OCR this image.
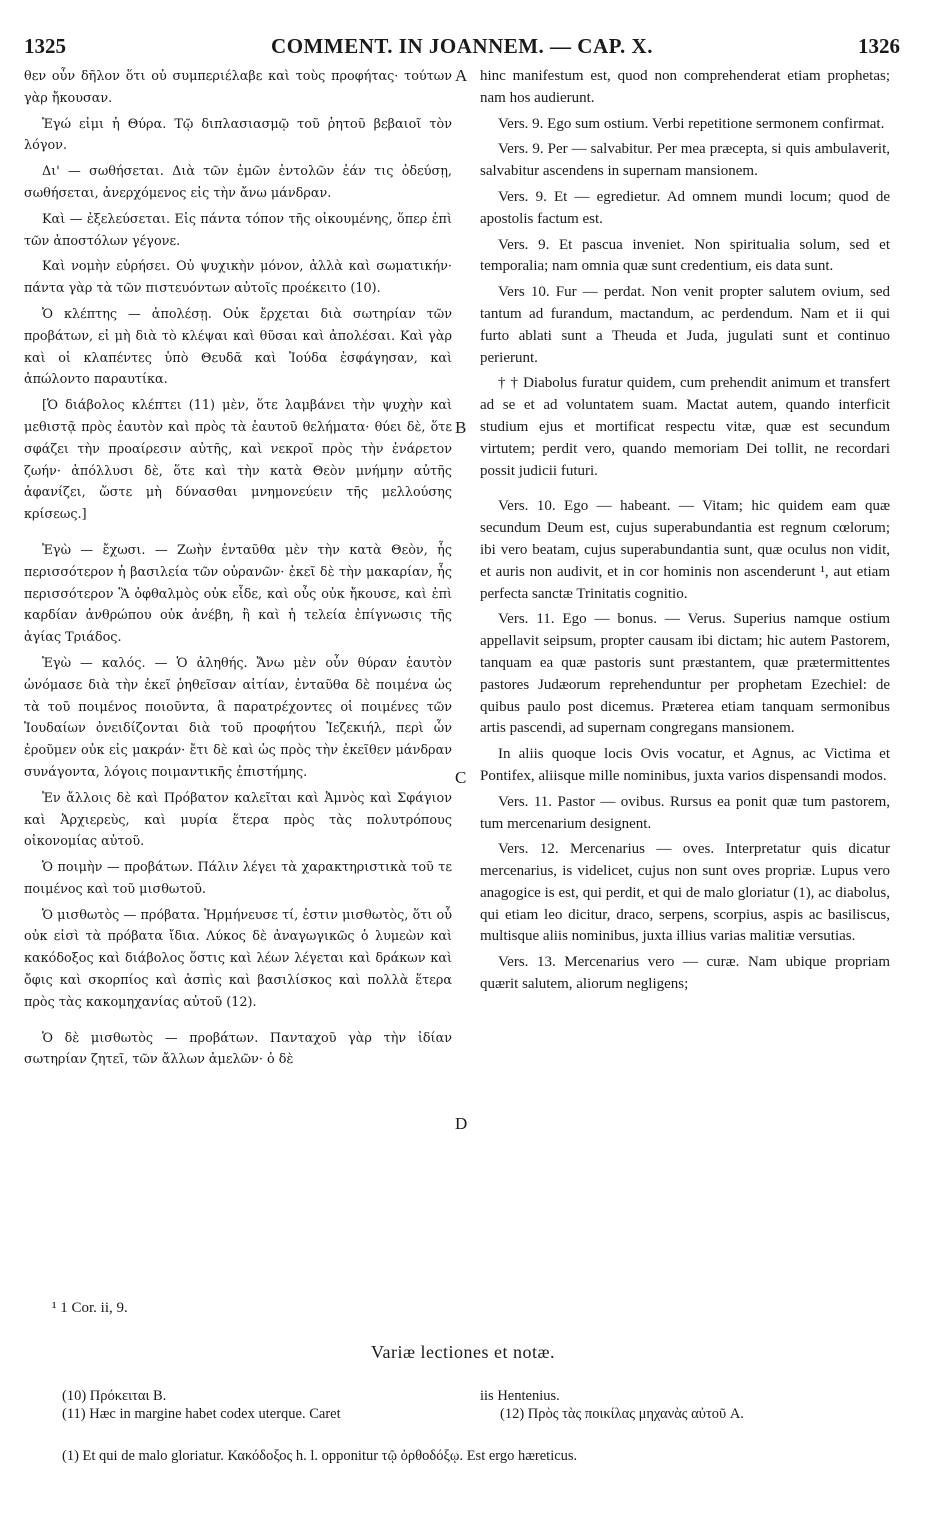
1325	COMMENT. IN JOANNEM. — CAP. X.	1326

θεν οὖν δῆλον ὅτι οὐ συμπεριέλαβε καὶ τοὺς προφήτας· τούτων γὰρ ἤκουσαν.

Ἐγώ εἰμι ἡ Θύρα. Τῷ διπλασιασμῷ τοῦ ῥητοῦ βεβαιοῖ τὸν λόγον.

Δι' — σωθήσεται. Διὰ τῶν ἐμῶν ἐντολῶν ἐάν τις ὁδεύσῃ, σωθήσεται, ἀνερχόμενος εἰς τὴν ἄνω μάνδραν.

Καὶ — ἐξελεύσεται. Εἰς πάντα τόπον τῆς οἰκουμένης, ὅπερ ἐπὶ τῶν ἀποστόλων γέγονε.

Καὶ νομὴν εὑρήσει. Οὐ ψυχικὴν μόνον, ἀλλὰ καὶ σωματικήν· πάντα γὰρ τὰ τῶν πιστευόντων αὐτοῖς προέκειτο (10).

Ὁ κλέπτης — ἀπολέσῃ. Οὐκ ἔρχεται διὰ σωτηρίαν τῶν προβάτων, εἰ μὴ διὰ τὸ κλέψαι καὶ θῦσαι καὶ ἀπολέσαι. Καὶ γὰρ καὶ οἱ κλαπέντες ὑπὸ Θευδᾶ καὶ Ἰούδα ἐσφάγησαν, καὶ ἀπώλοντο παραυτίκα.

[Ὁ διάβολος κλέπτει (11) μὲν, ὅτε λαμβάνει τὴν ψυχὴν καὶ μεθιστᾷ πρὸς ἑαυτὸν καὶ πρὸς τὰ ἑαυτοῦ θελήματα· θύει δὲ, ὅτε σφάζει τὴν προαίρεσιν αὐτῆς, καὶ νεκροῖ πρὸς τὴν ἐνάρετον ζωήν· ἀπόλλυσι δὲ, ὅτε καὶ τὴν κατὰ Θεὸν μνήμην αὐτῆς ἀφανίζει, ὥστε μὴ δύνασθαι μνημονεύειν τῆς μελλούσης κρίσεως.]

Ἐγὼ — ἔχωσι. — Ζωὴν ἐνταῦθα μὲν τὴν κατὰ Θεὸν, ἧς περισσότερον ἡ βασιλεία τῶν οὐρανῶν· ἐκεῖ δὲ τὴν μακαρίαν, ἧς περισσότερον Ἃ ὀφθαλμὸς οὐκ εἶδε, καὶ οὖς οὐκ ἤκουσε, καὶ ἐπὶ καρδίαν ἀνθρώπου οὐκ ἀνέβη, ἢ καὶ ἡ τελεία ἐπίγνωσις τῆς ἁγίας Τριάδος.

Ἐγὼ — καλός. — Ὁ ἀληθής. Ἄνω μὲν οὖν θύραν ἑαυτὸν ὠνόμασε διὰ τὴν ἐκεῖ ῥηθεῖσαν αἰτίαν, ἐνταῦθα δὲ ποιμένα ὡς τὰ τοῦ ποιμένος ποιοῦντα, ἃ παρατρέχοντες οἱ ποιμένες τῶν Ἰουδαίων ὀνειδίζονται διὰ τοῦ προφήτου Ἰεζεκιήλ, περὶ ὧν ἐροῦμεν οὐκ εἰς μακράν· ἔτι δὲ καὶ ὡς πρὸς τὴν ἐκεῖθεν μάνδραν συνάγοντα, λόγοις ποιμαντικῆς ἐπιστήμης.

Ἐν ἄλλοις δὲ καὶ Πρόβατον καλεῖται καὶ Ἀμνὸς καὶ Σφάγιον καὶ Ἀρχιερεὺς, καὶ μυρία ἕτερα πρὸς τὰς πολυτρόπους οἰκονομίας αὐτοῦ.

Ὁ ποιμὴν — προβάτων. Πάλιν λέγει τὰ χαρακτηριστικὰ τοῦ τε ποιμένος καὶ τοῦ μισθωτοῦ.

Ὁ μισθωτὸς — πρόβατα. Ἡρμήνευσε τί, ἐστιν μισθωτὸς, ὅτι οὗ οὐκ εἰσὶ τὰ πρόβατα ἴδια. Λύκος δὲ ἀναγωγικῶς ὁ λυμεὼν καὶ κακόδοξος καὶ διάβολος ὅστις καὶ λέων λέγεται καὶ δράκων καὶ ὄφις καὶ σκορπίος καὶ ἀσπὶς καὶ βασιλίσκος καὶ πολλὰ ἕτερα πρὸς τὰς κακομηχανίας αὐτοῦ (12).

Ὁ δὲ μισθωτὸς — προβάτων. Πανταχοῦ γὰρ τὴν ἰδίαν σωτηρίαν ζητεῖ, τῶν ἄλλων ἀμελῶν· ὁ δὲ

hinc manifestum est, quod non comprehenderat etiam prophetas; nam hos audierunt.

Vers. 9. Ego sum ostium. Verbi repetitione sermonem confirmat.

Vers. 9. Per — salvabitur. Per mea præcepta, si quis ambulaverit, salvabitur ascendens in supernam mansionem.

Vers. 9. Et — egredietur. Ad omnem mundi locum; quod de apostolis factum est.

Vers. 9. Et pascua inveniet. Non spiritualia solum, sed et temporalia; nam omnia quæ sunt credentium, eis data sunt.

Vers 10. Fur — perdat. Non venit propter salutem ovium, sed tantum ad furandum, mactandum, ac perdendum. Nam et ii qui furto ablati sunt a Theuda et Juda, jugulati sunt et continuo perierunt.

† † Diabolus furatur quidem, cum prehendit animum et transfert ad se et ad voluntatem suam. Mactat autem, quando interficit studium ejus et mortificat respectu vitæ, quæ est secundum virtutem; perdit vero, quando memoriam Dei tollit, ne recordari possit judicii futuri.

Vers. 10. Ego — habeant. — Vitam; hic quidem eam quæ secundum Deum est, cujus superabundantia est regnum cœlorum; ibi vero beatam, cujus superabundantia sunt, quæ oculus non vidit, et auris non audivit, et in cor hominis non ascenderunt ¹, aut etiam perfecta sanctæ Trinitatis cognitio.

Vers. 11. Ego — bonus. — Verus. Superius namque ostium appellavit seipsum, propter causam ibi dictam; hic autem Pastorem, tanquam ea quæ pastoris sunt præstantem, quæ prætermittentes pastores Judæorum reprehenduntur per prophetam Ezechiel: de quibus paulo post dicemus. Præterea etiam tanquam sermonibus artis pascendi, ad supernam congregans mansionem.

In aliis quoque locis Ovis vocatur, et Agnus, ac Victima et Pontifex, aliisque mille nominibus, juxta varios dispensandi modos.

Vers. 11. Pastor — ovibus. Rursus ea ponit quæ tum pastorem, tum mercenarium designent.

Vers. 12. Mercenarius — oves. Interpretatur quis dicatur mercenarius, is videlicet, cujus non sunt oves propriæ. Lupus vero anagogice is est, qui perdit, et qui de malo gloriatur (1), ac diabolus, qui etiam leo dicitur, draco, serpens, scorpius, aspis ac basiliscus, multisque aliis nominibus, juxta illius varias malitiæ versutias.

Vers. 13. Mercenarius vero — curæ. Nam ubique propriam quærit salutem, aliorum negligens;

A
B
C
D
¹ 1 Cor. ii, 9.
Variæ lectiones et notæ.
(10) Πρόκειται B.
(11) Hæc in margine habet codex uterque. Caret
iis Hentenius.
(12) Πρὸς τὰς ποικίλας μηχανὰς αὐτοῦ A.
(1) Et qui de malo gloriatur. Κακόδοξος h. l. opponitur τῷ ὀρθοδόξῳ. Est ergo hæreticus.
